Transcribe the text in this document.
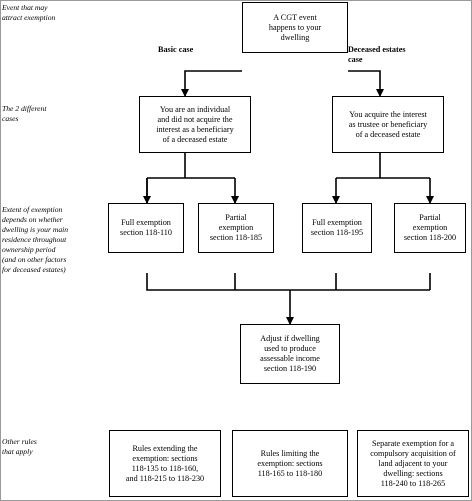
Event that may
attract exemption
The 2 different
cases
Extent of exemption
depends on whether
dwelling is your main
residence throughout
ownership period
(and on other factors
for deceased estates)
Other rules
that apply
Basic case	Deceased estates
case
A CGT event
happens to your
dwelling
You are an individual
and did not acquire the
interest as a beneficiary
of a deceased estate
You acquire the interest
as trustee or beneficiary
of a deceased estate
Full exemption
section 118-110
Partial
exemption
section 118-185
Full exemption
section 118-195
Partial
exemption
section 118-200
Adjust if dwelling
used to produce
assessable income
section 118-190
Rules extending the
exemption: sections
118-135 to 118-160,
and 118-215 to 118-230
Rules limiting the
exemption: sections
118-165 to 118-180
Separate exemption for a
compulsory acquisition of
land adjacent to your
dwelling: sections
118-240 to 118-265
